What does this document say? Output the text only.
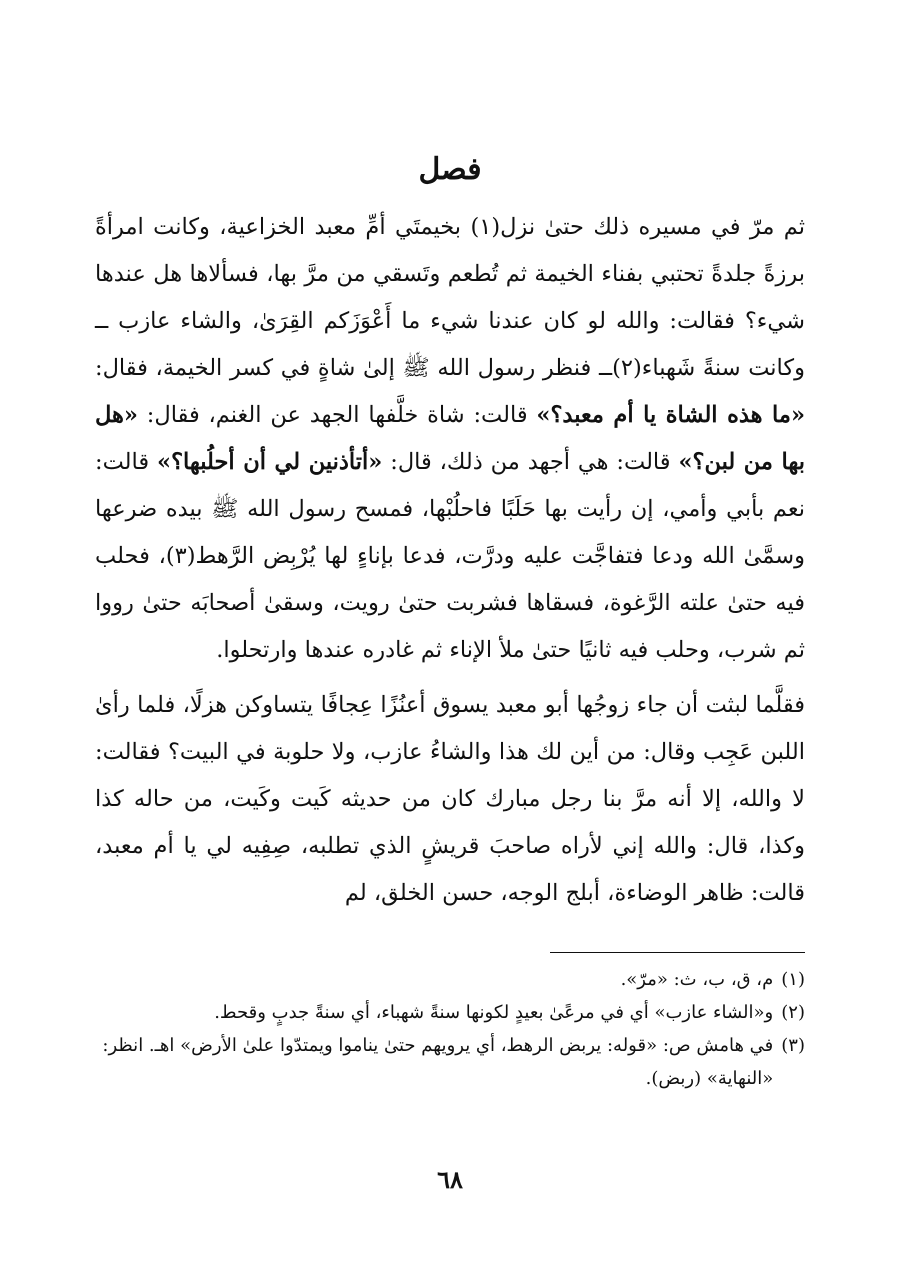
فصل

ثم مرّ في مسيره ذلك حتىٰ نزل(١) بخيمتَي أمِّ معبد الخزاعية، وكانت امرأةً برزةً جلدةً تحتبي بفناء الخيمة ثم تُطعم وتَسقي من مرَّ بها، فسألاها هل عندها شيء؟ فقالت: والله لو كان عندنا شيء ما أَعْوَزَكم القِرَىٰ، والشاء عازب ــ وكانت سنةً شَهباء(٢)ــ فنظر رسول الله ﷺ إلىٰ شاةٍ في كسر الخيمة، فقال: «ما هذه الشاة يا أم معبد؟» قالت: شاة خلَّفها الجهد عن الغنم، فقال: «هل بها من لبن؟» قالت: هي أجهد من ذلك، قال: «أتأذنين لي أن أحلُبها؟» قالت: نعم بأبي وأمي، إن رأيت بها حَلَبًا فاحلُبْها، فمسح رسول الله ﷺ بيده ضرعها وسمَّىٰ الله ودعا فتفاجَّت عليه ودرَّت، فدعا بإناءٍ لها يُرْبِض الرَّهط(٣)، فحلب فيه حتىٰ علته الرَّغوة، فسقاها فشربت حتىٰ رويت، وسقىٰ أصحابَه حتىٰ رووا ثم شرب، وحلب فيه ثانيًا حتىٰ ملأ الإناء ثم غادره عندها وارتحلوا.

فقلَّما لبثت أن جاء زوجُها أبو معبد يسوق أعنُزًا عِجافًا يتساوكن هزلًا، فلما رأىٰ اللبن عَجِب وقال: من أين لك هذا والشاءُ عازب، ولا حلوبة في البيت؟ فقالت: لا والله، إلا أنه مرَّ بنا رجل مبارك كان من حديثه كَيت وكَيت، من حاله كذا وكذا، قال: والله إني لأراه صاحبَ قريشٍ الذي تطلبه، صِفِيه لي يا أم معبد، قالت: ظاهر الوضاءة، أبلج الوجه، حسن الخلق، لم

(١)
م، ق، ب، ث: «مرّ».
(٢)
و«الشاء عازب» أي في مرعًىٰ بعيدٍ لكونها سنةً شهباء، أي سنةً جدبٍ وقحط.
(٣)
في هامش ص: «قوله: يربض الرهط، أي يرويهم حتىٰ يناموا ويمتدّوا علىٰ الأرض» اهـ. انظر: «النهاية» (ربض).
٦٨
